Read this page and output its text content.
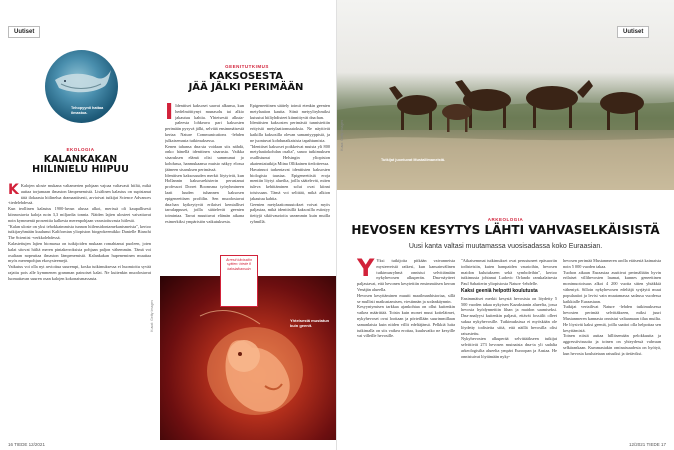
Uutiset
Tehopyynti hattaa ilmastoa.
EKOLOGIA
KALANKAKAN
HIILINIELU HIIPUU

K Kalojen uloste mukana valtamerten pohjaan vajoaa valtavasti hiiltä, mikä auttaa torjumaan ilmaston lämpenemistä. Lisälinen kalastus on supistanut tätä ilokaasta hiilinelua dramaattisesti, arvioivat tutkijat Science Advances -tiedelehdessä.

Kun teollinen kalastus 1900-luvun alussa alkoi, merissä oli kaupallisesti kiinnostavia kaloja noin 3,3 miljardia tonnia. Näiden lajien ulosteet vaivattavat noin kymmentä prosenttia kalkesta merenpohjaan varastoituvasta hiilestä.

"Kalan uloste on yksi tehokkaimmista tunnon hiilensidontamekanismeista", kertoo tutkijaryhmään kuulunut Kalifornian yliopiston biogeokeemikko Danielle Bianchi The Scientist -verkkolehdessä.

Kalastettujen lajien biomassa on tutkijoiden mukaan romahtanut puoleen, joten kalat sitovat hiiltä meren pintakerroksista pohjaan paljon vähemmän. Tämä voi osaltaan nopeuttaa ilmaston lämpenemistä. Kalankakan hupeneminen muuttaa myös merenpohjan ekosysteemejä.

Vaikutus voi olla nyt arvioitua suurempi, koska tutkimuksessa ei huomioitu syvää rajattu pois alle kymmenen gramman painoiset kalat. Ne kuitenkin muodostavat luomattavan suuren osan kalojen kokonaismassasta.

GEENITUTKIMUS
KAKSOSESTA
JÄÄ JÄLKI PERIMÄÄN

I Identtiset kaksoset saavat alkunsa, kun hedelmöittynyt munasolu tai alkio jakautuu kahtia. Yhteisestä alkuta-paleesta lohkeava pari kaksosten perimään pysyvä jälki, selviää ensimmäisestä kertaa Nature Communications -lehden julkaisemasta tutkimuksessa.

Kenen tahansa dna:sta voidaan siis nähdä, onko hänellä identtinen sisarusta. Vaikka sisaruksen elämä olisi sammunut jo kohdussa, hanmukaansa muisto näkyy elossa jääneen sisaruksen perimässä.

Identtisen kaksosuuden merkit löytyivät, kun Hollannin kaksosrekisterin perustanut professori Dorret Boomsma työryhmineen laati luuden tuhannen kaksosen epigeneettisen profiilin. Sen muodostavat dna:han kytkeytyvät erilaiset kemialliset tarralappuset, joilla säätelevät geenien toimintaa. Tarrat muuttuvat elämän aikana esimerkiksi ympäristön vaikutuksesta.

Epigeneettinen säätely toimii etenkin geenien metylaation kautta. Siinä metyyliryhmiksi kutsutut hiiliyhdisteet kiinnittyvät dna:han.

Identtisten kaksosten perimästä tunnistettiin erityisiä metylaatiomuutoksia. Ne näyttivät kaikilla kaksosilla olevan samantyyppisiä, ja ne juontuvat kohdunaikaisista tapahtumista.

"Identtiset kaksoset poikkeivat muista yli 800 metylaatiokohdan osalta", sanoo tutkimuksen osallistunut Helsingin yliopiston akatemiatutkija Miina Ollikainen tiedotteessa.

Havainnot tarkentavat identtisten kaksosten biologista taustaa. Epigeneettisiä eroja mentiin löytyi alueilta, joilla säätelevät, miten tuleva kehittäminen solut ovat kiinni toisissaan. Tämä voi selittää, mikä alkion jakautuu kahtia.

Geenien metylaatiomuutokset voivat myös paljastaa, mikä identtisillä kaksosilla esiintyy tiettyjä sikiövaurioita useammin kuin muilla ryhmillä.

Yhteisestä mustatun kuin geenit.
Ärresti kävissitin syitten: hiede fi kaksiaikaosuin
Kuvat: Getty Images
16 TIEDE 12/2021
Uutiset
Tutkijat juontuvat Mustaliimaneistä.
Kuva: Getty Images
ARKEOLOGIA
HEVOSEN KESYTYS LÄHTI VAHVASELKÄISISTÄ
Uusi kanta valtasi muutamassa vuosisadassa koko Euraasian.

Y Yksi tutkijoita pitkään vaivanneista mysteereistä ratkesi, kun kansainvälinen tutkimusryhmä onnistui selvittämään nykyhevosen alkuperän. Dna-näytteet paljastavat, että hevonen kesytettiin ensimmäisen kerran Venäjän alueella.

Hevosen kesyttäminen muutti maailmanhistoriaa, sillä se mullisti matkustamisen, viestinnän ja sodankäynnin.

Kesyyntymisen tarkkaa ajankohtaa on ollut kuitenkin vaikea määrittää. Toisin kuin monet muut kotieläimet, nykyhevoset ovat loottaan ja pörteillään suurimmillaan samanlaisia kuin niiden villit edeltäjänsä. Pelkkiä luita tutkimalla on siis vaikea erottaa, kuuluvatko ne kesyille vai villeille hevosille.

"Aikaisemmat tutkimukset ovat perustuneet epäsuoriin todisteisiin, kuten hampaiden vaurioihin, hevosen maidon kulutukseen sekä symboleihin", kertoo tutkimusta johtanut Ludovic Orlando ranskalaisesta Paul Sabatierin yliopistosta Nature -lehdelle.

Kaksi geeniä helpotti koulutusta

Ensimmäiset merkit kesystä hevosista on löydetty 5 500 vuoden takaa nykyisen Kazakstanin alueelta, jossa hevosia hyödynnettiin lihan ja maidon saamiseksi. Dna-analyysi kuitenkin paljasti, ettävät fossiilit olleet sukua nykyhevosille. Tutkimuksissa ei myöskään ole löydetty todisteita siitä, että näillä hevosilla olisi ratsastettu.

Nykyhevosten alkuperää selvittääkseen tutkijat selvittivät 273 hevosen muinaista dna-ta yli sadalta arkeologisilta alueelta ympäri Euroopan ja Aasiaa. He onnistuivat löytämään nyky-

hevosen perimää Mustanmeren arolla etäisestä kaimaista noin 5 000 vuoden takaa.

Tuohon aikaan Euraasiaa asuttivat perimältään hyvin erilaiset villihevosten laumat, kunnes geneettinen monimuotoisuus alkoi 4 200 vuotta sitten yhtäkkiä vähentyä. Silloin nykyhevosen edeltäjä syrjäytti muut populaatiot ja levisi vain muutamassa sadassa vuodessa kaikkialle Euraasiaan.

Tutkijat vertailivat Nature -lehden tutkimuksessa hevosten perimää selvittäkseen, miksi juuri Mustanmeren kannasta onnistui valtaamaan tilaa muilta. He löysivät kaksi geeniä, joilla saattoi olla helpottaa sen kesyttämistä.

Toinen niistä auttaa hillitsemään pelokkuutta ja aggressiivisuutta ja toinen on yhteydessä vahvaan selkärankaan. Kummastakin ominaisuudesta on hyötyä, kun hevosia koulutetaan ratsuiksi ja tietäviksi.

12/2021 TIEDE 17
